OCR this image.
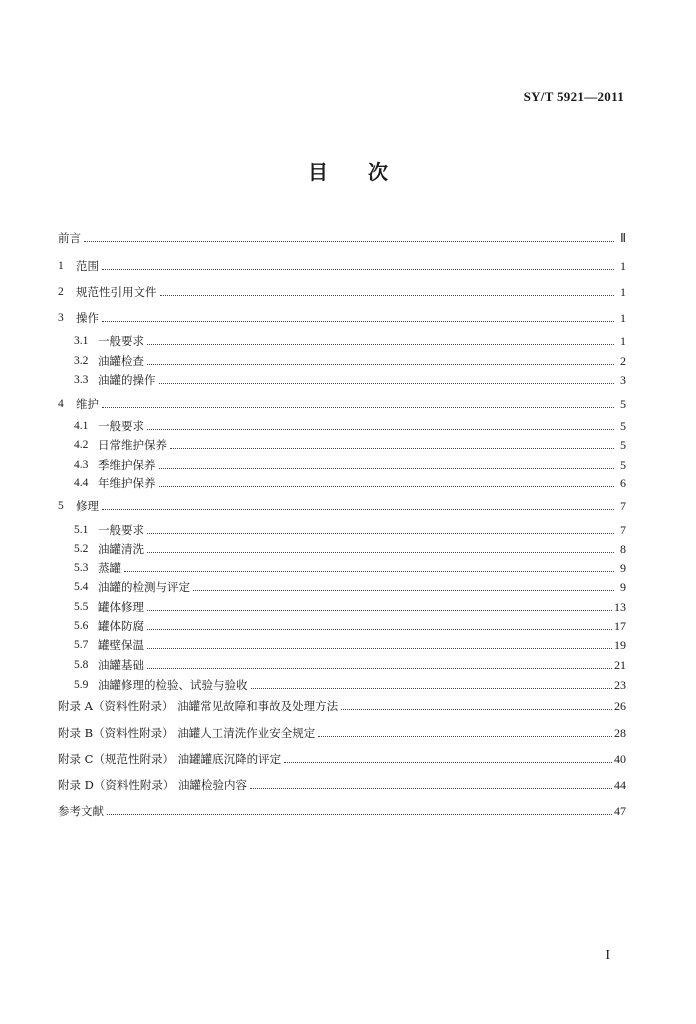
SY/T 5921—2011
目次
前言	Ⅱ
1	范围	1
2	规范性引用文件	1
3	操作	1
3.1 一般要求	1
3.2 油罐检查	2
3.3 油罐的操作	3
4	维护	5
4.1 一般要求	5
4.2 日常维护保养	5
4.3 季维护保养	5
4.4 年维护保养	6
5	修理	7
5.1 一般要求	7
5.2 油罐清洗	8
5.3 蒸罐	9
5.4 油罐的检测与评定	9
5.5 罐体修理	13
5.6 罐体防腐	17
5.7 罐壁保温	19
5.8 油罐基础	21
5.9 油罐修理的检验、试验与验收	23
附录 A（资料性附录） 油罐常见故障和事故及处理方法	26
附录 B（资料性附录） 油罐人工清洗作业安全规定	28
附录 C（规范性附录） 油罐罐底沉降的评定	40
附录 D（资料性附录） 油罐检验内容	44
参考文献	47
I
